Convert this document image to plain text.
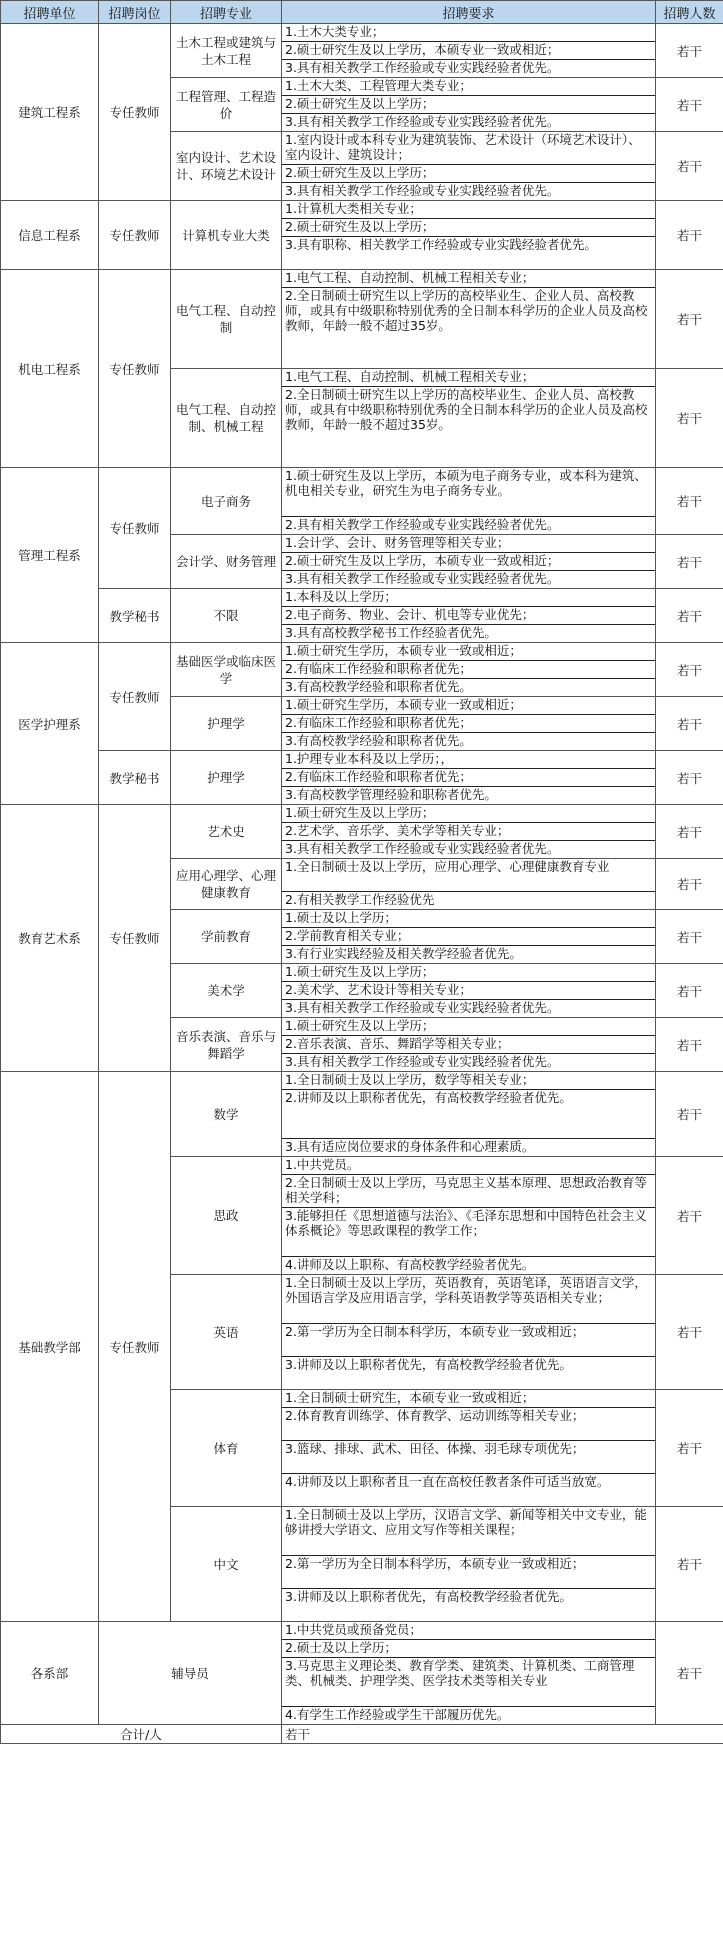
招聘单位	招聘岗位	招聘专业	招聘要求	招聘人数
建筑工程系	专任教师	土木工程或建筑与土木工程	1.土木大类专业；
2.硕士研究生及以上学历，本硕专业一致或相近；
3.具有相关教学工作经验或专业实践经验者优先。	若干
		工程管理、工程造价	1.土木大类、工程管理大类专业；
2.硕士研究生及以上学历；
3.具有相关教学工作经验或专业实践经验者优先。	若干
		室内设计、艺术设计、环境艺术设计	1.室内设计或本科专业为建筑装饰、艺术设计（环境艺术设计）、室内设计、建筑设计；
2.硕士研究生及以上学历；
3.具有相关教学工作经验或专业实践经验者优先。	若干
信息工程系	专任教师	计算机专业大类	1.计算机大类相关专业；
2.硕士研究生及以上学历；
3.具有职称、相关教学工作经验或专业实践经验者优先。	若干
机电工程系	专任教师	电气工程、自动控制	1.电气工程、自动控制、机械工程相关专业；
2.全日制硕士研究生以上学历的高校毕业生、企业人员、高校教师，或具有中级职称特别优秀的全日制本科学历的企业人员及高校教师，年龄一般不超过35岁。	若干
		电气工程、自动控制、机械工程	1.电气工程、自动控制、机械工程相关专业；
2.全日制硕士研究生以上学历的高校毕业生、企业人员、高校教师，或具有中级职称特别优秀的全日制本科学历的企业人员及高校教师，年龄一般不超过35岁。	若干
管理工程系	专任教师	电子商务	1.硕士研究生及以上学历，本硕为电子商务专业，或本科为建筑、机电相关专业，研究生为电子商务专业。
2.具有相关教学工作经验或专业实践经验者优先。	若干
		会计学、财务管理	1.会计学、会计、财务管理等相关专业；
2.硕士研究生及以上学历，本硕专业一致或相近；
3.具有相关教学工作经验或专业实践经验者优先。	若干
	教学秘书	不限	1.本科及以上学历；
2.电子商务、物业、会计、机电等专业优先；
3.具有高校教学秘书工作经验者优先。	若干
医学护理系	专任教师	基础医学或临床医学	1.硕士研究生学历，本硕专业一致或相近；
2.有临床工作经验和职称者优先；
3.有高校教学经验和职称者优先。	若干
		护理学	1.硕士研究生学历，本硕专业一致或相近；
2.有临床工作经验和职称者优先；
3.有高校教学经验和职称者优先。	若干
	教学秘书	护理学	1.护理专业本科及以上学历；，
2.有临床工作经验和职称者优先；
3.有高校教学管理经验和职称者优先。	若干
教育艺术系	专任教师	艺术史	1.硕士研究生及以上学历；
2.艺术学、音乐学、美术学等相关专业；
3.具有相关教学工作经验或专业实践经验者优先。	若干
		应用心理学、心理健康教育	1.全日制硕士及以上学历，应用心理学、心理健康教育专业
2.有相关教学工作经验优先	若干
		学前教育	1.硕士及以上学历；
2.学前教育相关专业；
3.有行业实践经验及相关教学经验者优先。	若干
		美术学	1.硕士研究生及以上学历；
2.美术学、艺术设计等相关专业；
3.具有相关教学工作经验或专业实践经验者优先。	若干
		音乐表演、音乐与舞蹈学	1.硕士研究生及以上学历；
2.音乐表演、音乐、舞蹈学等相关专业；
3.具有相关教学工作经验或专业实践经验者优先。	若干
基础教学部	专任教师	数学	1.全日制硕士及以上学历，数学等相关专业；
2.讲师及以上职称者优先，有高校教学经验者优先。
3.具有适应岗位要求的身体条件和心理素质。	若干
		思政	1.中共党员。
2.全日制硕士及以上学历，马克思主义基本原理、思想政治教育等相关学科；
3.能够担任《思想道德与法治》、《毛泽东思想和中国特色社会主义体系概论》等思政课程的教学工作；
4.讲师及以上职称、有高校教学经验者优先。	若干
		英语	1.全日制硕士及以上学历，英语教育，英语笔译，英语语言文学，外国语言学及应用语言学，学科英语教学等英语相关专业；
2.第一学历为全日制本科学历，本硕专业一致或相近；
3.讲师及以上职称者优先，有高校教学经验者优先。	若干
		体育	1.全日制硕士研究生，本硕专业一致或相近；
2.体育教育训练学、体育教学、运动训练等相关专业；
3.篮球、排球、武术、田径、体操、羽毛球专项优先；
4.讲师及以上职称者且一直在高校任教者条件可适当放宽。	若干
		中文	1.全日制硕士及以上学历，汉语言文学、新闻等相关中文专业，能够讲授大学语文、应用文写作等相关课程；
2.第一学历为全日制本科学历，本硕专业一致或相近；
3.讲师及以上职称者优先，有高校教学经验者优先。	若干
各系部	辅导员		1.中共党员或预备党员；
2.硕士及以上学历；
3.马克思主义理论类、教育学类、建筑类、计算机类、工商管理类、机械类、护理学类、医学技术类等相关专业
4.有学生工作经验或学生干部履历优先。	若干
合计/人			若干	
